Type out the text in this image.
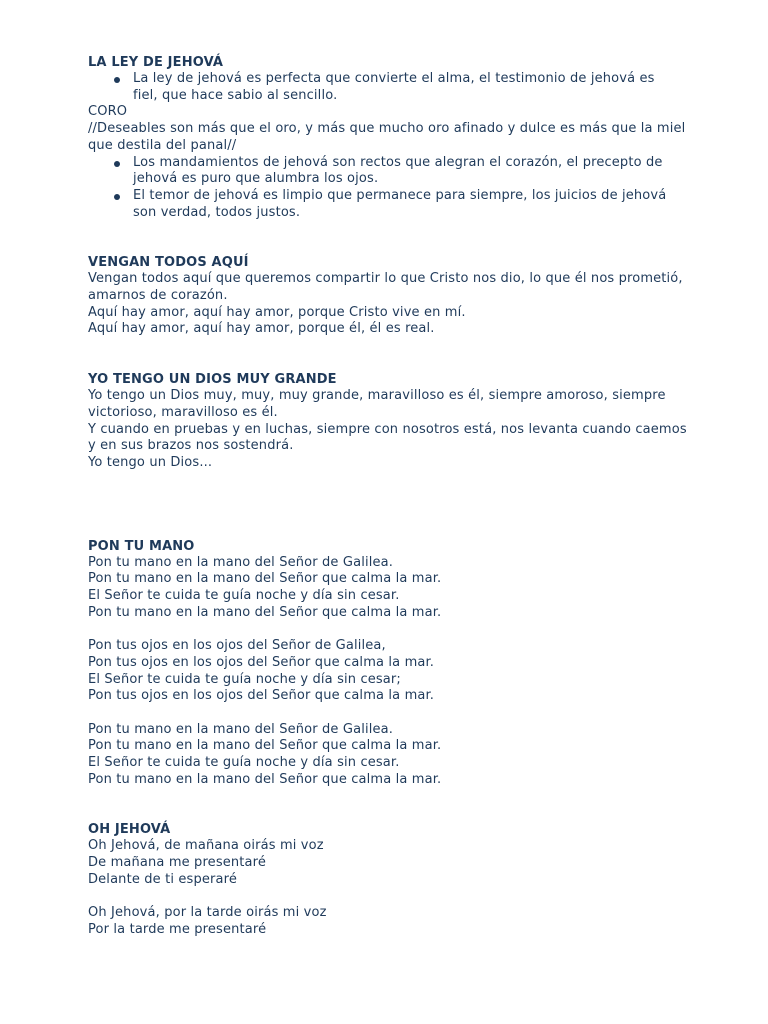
LA LEY DE JEHOVÁ

La ley de jehová es perfecta que convierte el alma, el testimonio de jehová es fiel, que hace sabio al sencillo.

CORO

//Deseables son más que el oro, y más que mucho oro afinado y dulce es más que la miel que destila del panal//

Los mandamientos de jehová son rectos que alegran el corazón, el precepto de jehová es puro que alumbra los ojos.
El temor de jehová es limpio que permanece para siempre, los juicios de jehová son verdad, todos justos.

VENGAN TODOS AQUÍ

Vengan todos aquí que queremos compartir lo que Cristo nos dio, lo que él nos prometió, amarnos de corazón.

Aquí hay amor, aquí hay amor, porque Cristo vive en mí.

Aquí hay amor, aquí hay amor, porque él, él es real.

YO TENGO UN DIOS MUY GRANDE

Yo tengo un Dios muy, muy, muy grande, maravilloso es él, siempre amoroso, siempre victorioso, maravilloso es él.

Y cuando en pruebas y en luchas, siempre con nosotros está, nos levanta cuando caemos y en sus brazos nos sostendrá.

Yo tengo un Dios...

PON TU MANO

Pon tu mano en la mano del Señor de Galilea.

Pon tu mano en la mano del Señor que calma la mar.

El Señor te cuida te guía noche y día sin cesar.

Pon tu mano en la mano del Señor que calma la mar.

Pon tus ojos en los ojos del Señor de Galilea,

Pon tus ojos en los ojos del Señor que calma la mar.

El Señor te cuida te guía noche y día sin cesar;

Pon tus ojos en los ojos del Señor que calma la mar.

Pon tu mano en la mano del Señor de Galilea.

Pon tu mano en la mano del Señor que calma la mar.

El Señor te cuida te guía noche y día sin cesar.

Pon tu mano en la mano del Señor que calma la mar.

OH JEHOVÁ

Oh Jehová, de mañana oirás mi voz

De mañana me presentaré

Delante de ti esperaré

Oh Jehová, por la tarde oirás mi voz

Por la tarde me presentaré
